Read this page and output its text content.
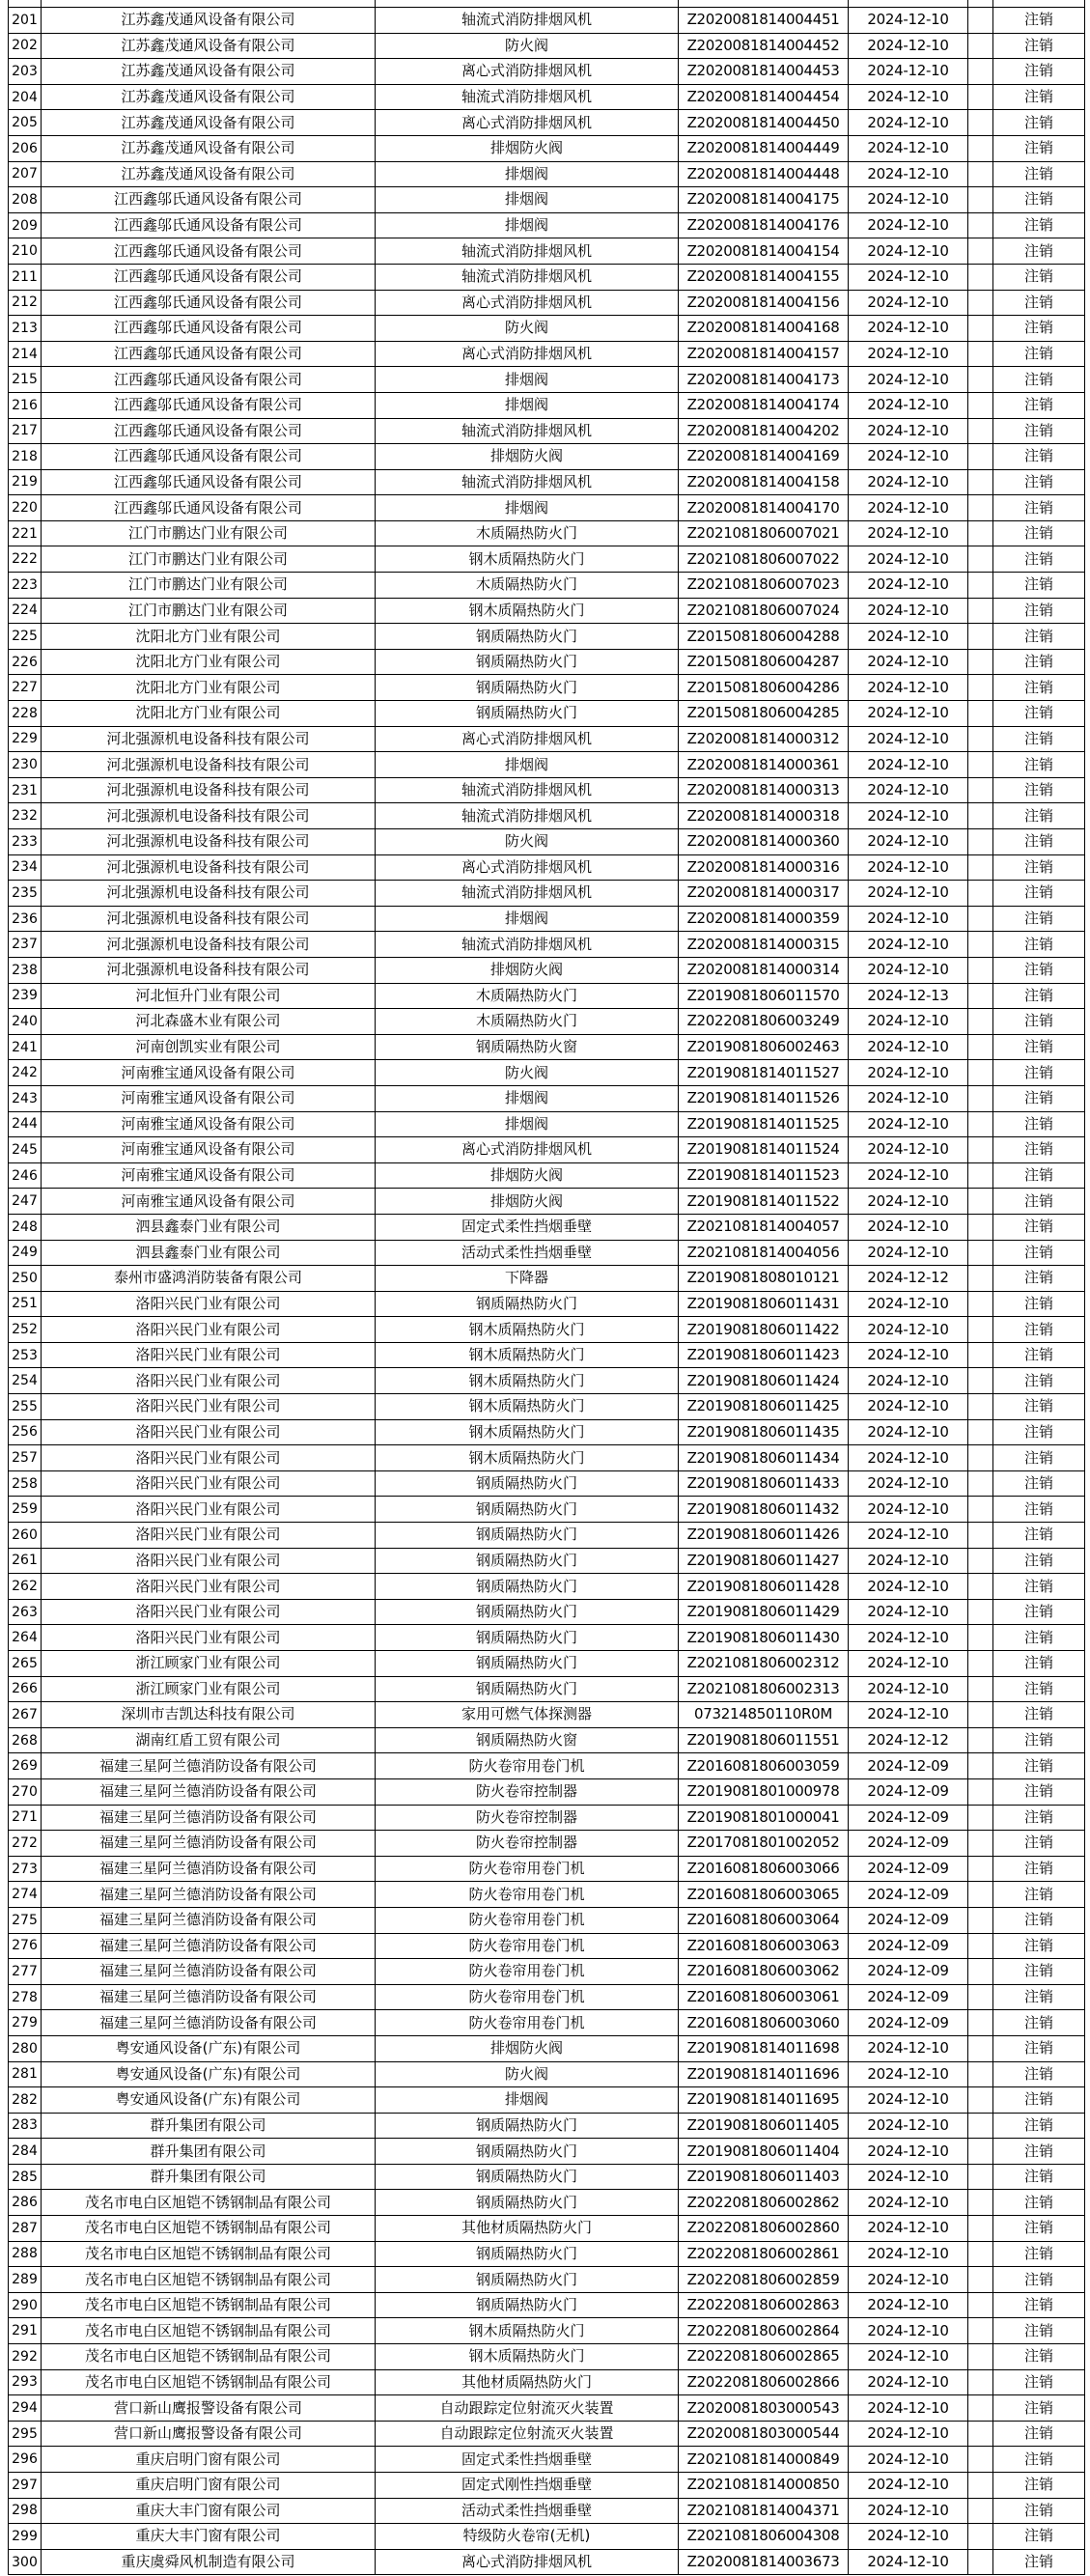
201	江苏鑫茂通风设备有限公司	轴流式消防排烟风机	Z2020081814004451	2024-12-10	注销
202	江苏鑫茂通风设备有限公司	防火阀	Z2020081814004452	2024-12-10	注销
203	江苏鑫茂通风设备有限公司	离心式消防排烟风机	Z2020081814004453	2024-12-10	注销
204	江苏鑫茂通风设备有限公司	轴流式消防排烟风机	Z2020081814004454	2024-12-10	注销
205	江苏鑫茂通风设备有限公司	离心式消防排烟风机	Z2020081814004450	2024-12-10	注销
206	江苏鑫茂通风设备有限公司	排烟防火阀	Z2020081814004449	2024-12-10	注销
207	江苏鑫茂通风设备有限公司	排烟阀	Z2020081814004448	2024-12-10	注销
208	江西鑫邬氏通风设备有限公司	排烟阀	Z2020081814004175	2024-12-10	注销
209	江西鑫邬氏通风设备有限公司	排烟阀	Z2020081814004176	2024-12-10	注销
210	江西鑫邬氏通风设备有限公司	轴流式消防排烟风机	Z2020081814004154	2024-12-10	注销
211	江西鑫邬氏通风设备有限公司	轴流式消防排烟风机	Z2020081814004155	2024-12-10	注销
212	江西鑫邬氏通风设备有限公司	离心式消防排烟风机	Z2020081814004156	2024-12-10	注销
213	江西鑫邬氏通风设备有限公司	防火阀	Z2020081814004168	2024-12-10	注销
214	江西鑫邬氏通风设备有限公司	离心式消防排烟风机	Z2020081814004157	2024-12-10	注销
215	江西鑫邬氏通风设备有限公司	排烟阀	Z2020081814004173	2024-12-10	注销
216	江西鑫邬氏通风设备有限公司	排烟阀	Z2020081814004174	2024-12-10	注销
217	江西鑫邬氏通风设备有限公司	轴流式消防排烟风机	Z2020081814004202	2024-12-10	注销
218	江西鑫邬氏通风设备有限公司	排烟防火阀	Z2020081814004169	2024-12-10	注销
219	江西鑫邬氏通风设备有限公司	轴流式消防排烟风机	Z2020081814004158	2024-12-10	注销
220	江西鑫邬氏通风设备有限公司	排烟阀	Z2020081814004170	2024-12-10	注销
221	江门市鹏达门业有限公司	木质隔热防火门	Z2021081806007021	2024-12-10	注销
222	江门市鹏达门业有限公司	钢木质隔热防火门	Z2021081806007022	2024-12-10	注销
223	江门市鹏达门业有限公司	木质隔热防火门	Z2021081806007023	2024-12-10	注销
224	江门市鹏达门业有限公司	钢木质隔热防火门	Z2021081806007024	2024-12-10	注销
225	沈阳北方门业有限公司	钢质隔热防火门	Z2015081806004288	2024-12-10	注销
226	沈阳北方门业有限公司	钢质隔热防火门	Z2015081806004287	2024-12-10	注销
227	沈阳北方门业有限公司	钢质隔热防火门	Z2015081806004286	2024-12-10	注销
228	沈阳北方门业有限公司	钢质隔热防火门	Z2015081806004285	2024-12-10	注销
229	河北强源机电设备科技有限公司	离心式消防排烟风机	Z2020081814000312	2024-12-10	注销
230	河北强源机电设备科技有限公司	排烟阀	Z2020081814000361	2024-12-10	注销
231	河北强源机电设备科技有限公司	轴流式消防排烟风机	Z2020081814000313	2024-12-10	注销
232	河北强源机电设备科技有限公司	轴流式消防排烟风机	Z2020081814000318	2024-12-10	注销
233	河北强源机电设备科技有限公司	防火阀	Z2020081814000360	2024-12-10	注销
234	河北强源机电设备科技有限公司	离心式消防排烟风机	Z2020081814000316	2024-12-10	注销
235	河北强源机电设备科技有限公司	轴流式消防排烟风机	Z2020081814000317	2024-12-10	注销
236	河北强源机电设备科技有限公司	排烟阀	Z2020081814000359	2024-12-10	注销
237	河北强源机电设备科技有限公司	轴流式消防排烟风机	Z2020081814000315	2024-12-10	注销
238	河北强源机电设备科技有限公司	排烟防火阀	Z2020081814000314	2024-12-10	注销
239	河北恒升门业有限公司	木质隔热防火门	Z2019081806011570	2024-12-13	注销
240	河北森盛木业有限公司	木质隔热防火门	Z2022081806003249	2024-12-10	注销
241	河南创凯实业有限公司	钢质隔热防火窗	Z2019081806002463	2024-12-10	注销
242	河南雅宝通风设备有限公司	防火阀	Z2019081814011527	2024-12-10	注销
243	河南雅宝通风设备有限公司	排烟阀	Z2019081814011526	2024-12-10	注销
244	河南雅宝通风设备有限公司	排烟阀	Z2019081814011525	2024-12-10	注销
245	河南雅宝通风设备有限公司	离心式消防排烟风机	Z2019081814011524	2024-12-10	注销
246	河南雅宝通风设备有限公司	排烟防火阀	Z2019081814011523	2024-12-10	注销
247	河南雅宝通风设备有限公司	排烟防火阀	Z2019081814011522	2024-12-10	注销
248	泗县鑫泰门业有限公司	固定式柔性挡烟垂壁	Z2021081814004057	2024-12-10	注销
249	泗县鑫泰门业有限公司	活动式柔性挡烟垂壁	Z2021081814004056	2024-12-10	注销
250	泰州市盛鸿消防装备有限公司	下降器	Z2019081808010121	2024-12-12	注销
251	洛阳兴民门业有限公司	钢质隔热防火门	Z2019081806011431	2024-12-10	注销
252	洛阳兴民门业有限公司	钢木质隔热防火门	Z2019081806011422	2024-12-10	注销
253	洛阳兴民门业有限公司	钢木质隔热防火门	Z2019081806011423	2024-12-10	注销
254	洛阳兴民门业有限公司	钢木质隔热防火门	Z2019081806011424	2024-12-10	注销
255	洛阳兴民门业有限公司	钢木质隔热防火门	Z2019081806011425	2024-12-10	注销
256	洛阳兴民门业有限公司	钢木质隔热防火门	Z2019081806011435	2024-12-10	注销
257	洛阳兴民门业有限公司	钢木质隔热防火门	Z2019081806011434	2024-12-10	注销
258	洛阳兴民门业有限公司	钢质隔热防火门	Z2019081806011433	2024-12-10	注销
259	洛阳兴民门业有限公司	钢质隔热防火门	Z2019081806011432	2024-12-10	注销
260	洛阳兴民门业有限公司	钢质隔热防火门	Z2019081806011426	2024-12-10	注销
261	洛阳兴民门业有限公司	钢质隔热防火门	Z2019081806011427	2024-12-10	注销
262	洛阳兴民门业有限公司	钢质隔热防火门	Z2019081806011428	2024-12-10	注销
263	洛阳兴民门业有限公司	钢质隔热防火门	Z2019081806011429	2024-12-10	注销
264	洛阳兴民门业有限公司	钢质隔热防火门	Z2019081806011430	2024-12-10	注销
265	浙江顾家门业有限公司	钢质隔热防火门	Z2021081806002312	2024-12-10	注销
266	浙江顾家门业有限公司	钢质隔热防火门	Z2021081806002313	2024-12-10	注销
267	深圳市吉凯达科技有限公司	家用可燃气体探测器	073214850110R0M	2024-12-10	注销
268	湖南红盾工贸有限公司	钢质隔热防火窗	Z2019081806011551	2024-12-12	注销
269	福建三星阿兰德消防设备有限公司	防火卷帘用卷门机	Z2016081806003059	2024-12-09	注销
270	福建三星阿兰德消防设备有限公司	防火卷帘控制器	Z2019081801000978	2024-12-09	注销
271	福建三星阿兰德消防设备有限公司	防火卷帘控制器	Z2019081801000041	2024-12-09	注销
272	福建三星阿兰德消防设备有限公司	防火卷帘控制器	Z2017081801002052	2024-12-09	注销
273	福建三星阿兰德消防设备有限公司	防火卷帘用卷门机	Z2016081806003066	2024-12-09	注销
274	福建三星阿兰德消防设备有限公司	防火卷帘用卷门机	Z2016081806003065	2024-12-09	注销
275	福建三星阿兰德消防设备有限公司	防火卷帘用卷门机	Z2016081806003064	2024-12-09	注销
276	福建三星阿兰德消防设备有限公司	防火卷帘用卷门机	Z2016081806003063	2024-12-09	注销
277	福建三星阿兰德消防设备有限公司	防火卷帘用卷门机	Z2016081806003062	2024-12-09	注销
278	福建三星阿兰德消防设备有限公司	防火卷帘用卷门机	Z2016081806003061	2024-12-09	注销
279	福建三星阿兰德消防设备有限公司	防火卷帘用卷门机	Z2016081806003060	2024-12-09	注销
280	粤安通风设备(广东)有限公司	排烟防火阀	Z2019081814011698	2024-12-10	注销
281	粤安通风设备(广东)有限公司	防火阀	Z2019081814011696	2024-12-10	注销
282	粤安通风设备(广东)有限公司	排烟阀	Z2019081814011695	2024-12-10	注销
283	群升集团有限公司	钢质隔热防火门	Z2019081806011405	2024-12-10	注销
284	群升集团有限公司	钢质隔热防火门	Z2019081806011404	2024-12-10	注销
285	群升集团有限公司	钢质隔热防火门	Z2019081806011403	2024-12-10	注销
286	茂名市电白区旭铠不锈钢制品有限公司	钢质隔热防火门	Z2022081806002862	2024-12-10	注销
287	茂名市电白区旭铠不锈钢制品有限公司	其他材质隔热防火门	Z2022081806002860	2024-12-10	注销
288	茂名市电白区旭铠不锈钢制品有限公司	钢质隔热防火门	Z2022081806002861	2024-12-10	注销
289	茂名市电白区旭铠不锈钢制品有限公司	钢质隔热防火门	Z2022081806002859	2024-12-10	注销
290	茂名市电白区旭铠不锈钢制品有限公司	钢质隔热防火门	Z2022081806002863	2024-12-10	注销
291	茂名市电白区旭铠不锈钢制品有限公司	钢木质隔热防火门	Z2022081806002864	2024-12-10	注销
292	茂名市电白区旭铠不锈钢制品有限公司	钢木质隔热防火门	Z2022081806002865	2024-12-10	注销
293	茂名市电白区旭铠不锈钢制品有限公司	其他材质隔热防火门	Z2022081806002866	2024-12-10	注销
294	营口新山鹰报警设备有限公司	自动跟踪定位射流灭火装置	Z2020081803000543	2024-12-10	注销
295	营口新山鹰报警设备有限公司	自动跟踪定位射流灭火装置	Z2020081803000544	2024-12-10	注销
296	重庆启明门窗有限公司	固定式柔性挡烟垂壁	Z2021081814000849	2024-12-10	注销
297	重庆启明门窗有限公司	固定式刚性挡烟垂壁	Z2021081814000850	2024-12-10	注销
298	重庆大丰门窗有限公司	活动式柔性挡烟垂壁	Z2021081814004371	2024-12-10	注销
299	重庆大丰门窗有限公司	特级防火卷帘(无机)	Z2021081806004308	2024-12-10	注销
300	重庆虞舜风机制造有限公司	离心式消防排烟风机	Z2020081814003673	2024-12-10	注销
